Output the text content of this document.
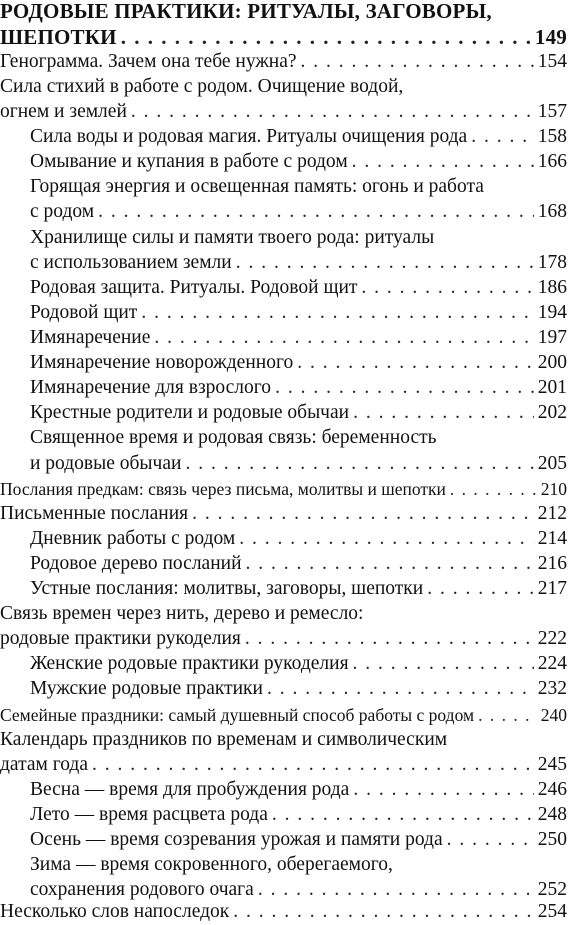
РОДОВЫЕ ПРАКТИКИ: РИТУАЛЫ, ЗАГОВОРЫ,
ШЕПОТКИ . . .	149
Генограмма. Зачем она тебе нужна? . . .	154
Сила стихий в работе с родом. Очищение водой,
огнем и землей . . .	157
Сила воды и родовая магия. Ритуалы очищения рода . . .	158
Омывание и купания в работе с родом . . .	166
Горящая энергия и освещенная память: огонь и работа
с родом . . .	168
Хранилище силы и памяти твоего рода: ритуалы
с использованием земли . . .	178
Родовая защита. Ритуалы. Родовой щит . . .	186
Родовой щит . . .	194
Имянаречение . . .	197
Имянаречение новорожденного . . .	200
Имянаречение для взрослого . . .	201
Крестные родители и родовые обычаи . . .	202
Священное время и родовая связь: беременность
и родовые обычаи . . .	205
Послания предкам: связь через письма, молитвы и шепотки . . .	210
Письменные послания . . .	212
Дневник работы с родом . . .	214
Родовое дерево посланий . . .	216
Устные послания: молитвы, заговоры, шепотки . . .	217
Связь времен через нить, дерево и ремесло:
родовые практики рукоделия . . .	222
Женские родовые практики рукоделия . . .	224
Мужские родовые практики . . .	232
Семейные праздники: самый душевный способ работы с родом . . .	240
Календарь праздников по временам и символическим
датам года . . .	245
Весна — время для пробуждения рода . . .	246
Лето — время расцвета рода . . .	248
Осень — время созревания урожая и памяти рода . . .	250
Зима — время сокровенного, оберегаемого,
сохранения родового очага . . .	252
Несколько слов напоследок . . .	254
